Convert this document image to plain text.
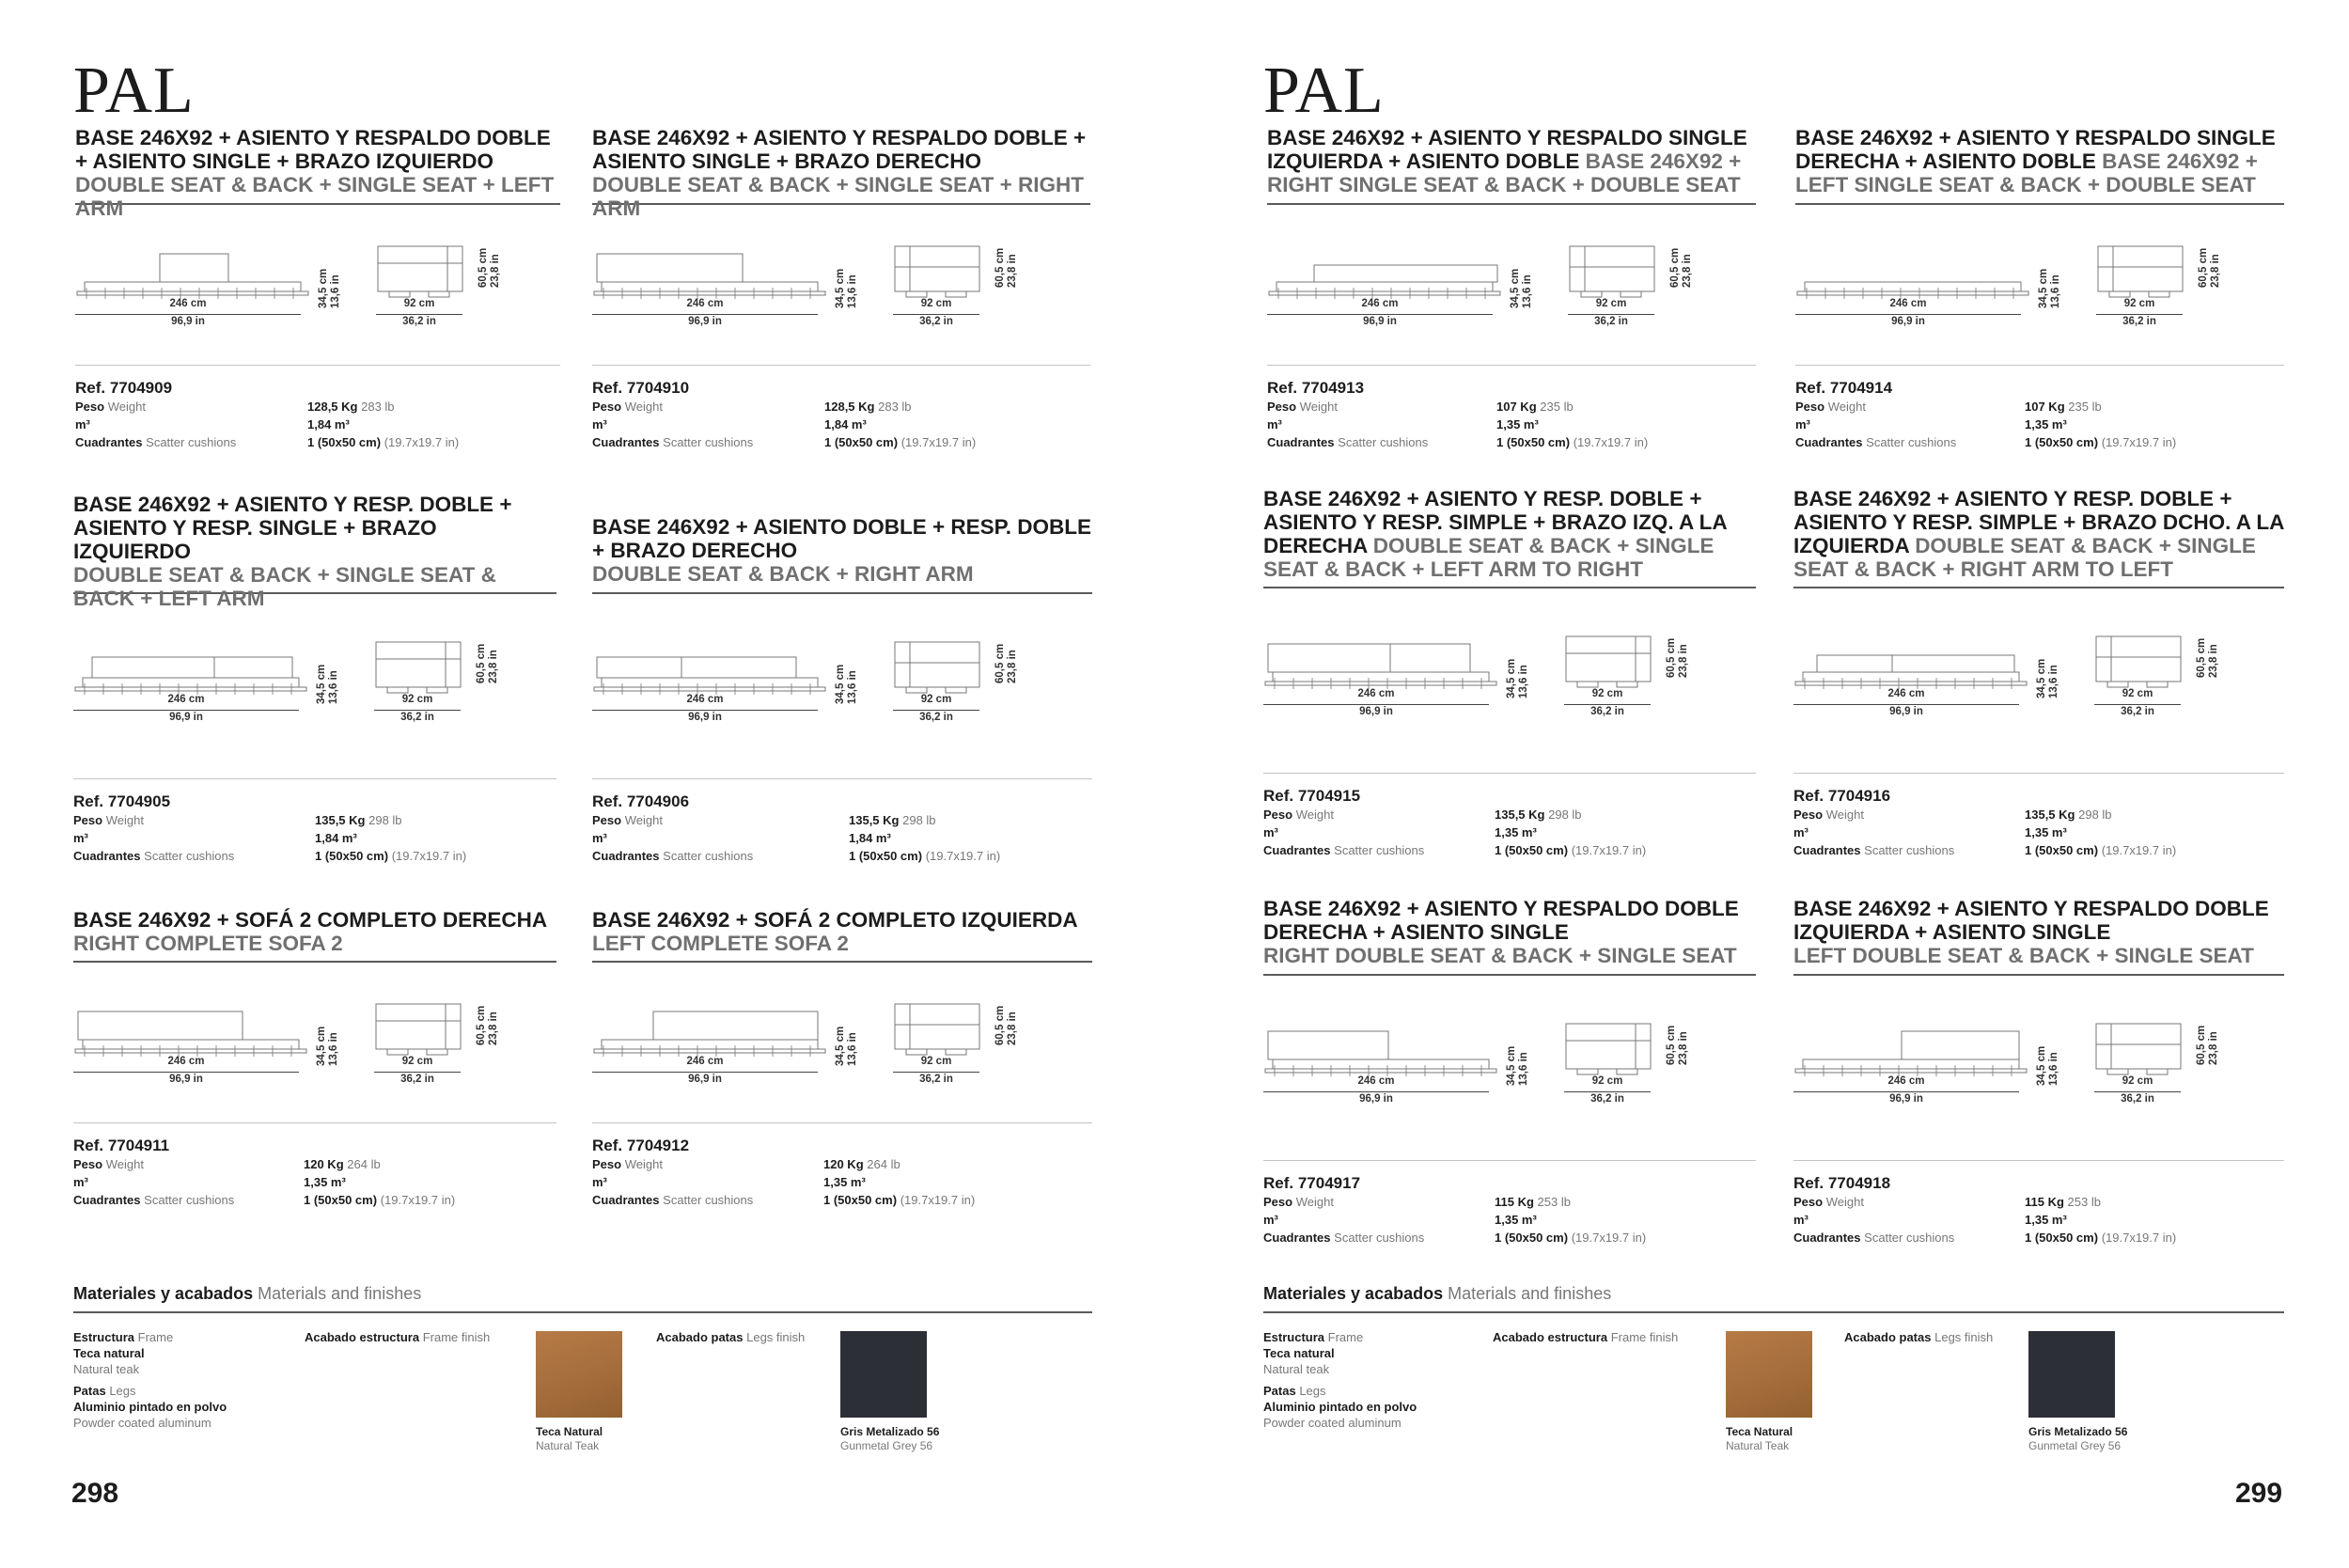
PAL
BASE 246X92 + ASIENTO Y RESPALDO DOBLE + ASIENTO SINGLE + BRAZO IZQUIERDO
DOUBLE SEAT & BACK + SINGLE SEAT + LEFT ARM
246 cm
96,9 in
34,5 cm
13,6 in	92 cm
36,2 in
60,5 cm
23,8 in
Ref. 7704909
Peso Weight	128,5 Kg 283 lb
m³	1,84 m³
Cuadrantes Scatter cushions	1 (50x50 cm) (19.7x19.7 in)
BASE 246X92 + ASIENTO Y RESPALDO DOBLE + ASIENTO SINGLE + BRAZO DERECHO
DOUBLE SEAT & BACK + SINGLE SEAT + RIGHT ARM
246 cm
96,9 in
34,5 cm
13,6 in	92 cm
36,2 in
60,5 cm
23,8 in
Ref. 7704910
Peso Weight	128,5 Kg 283 lb
m³	1,84 m³
Cuadrantes Scatter cushions	1 (50x50 cm) (19.7x19.7 in)
BASE 246X92 + ASIENTO Y RESP. DOBLE + ASIENTO Y RESP. SINGLE + BRAZO IZQUIERDO
DOUBLE SEAT & BACK + SINGLE SEAT & BACK + LEFT ARM
246 cm
96,9 in
34,5 cm
13,6 in	92 cm
36,2 in
60,5 cm
23,8 in
Ref. 7704905
Peso Weight	135,5 Kg 298 lb
m³	1,84 m³
Cuadrantes Scatter cushions	1 (50x50 cm) (19.7x19.7 in)
BASE 246X92 + ASIENTO DOBLE + RESP. DOBLE + BRAZO DERECHO
DOUBLE SEAT & BACK + RIGHT ARM
246 cm
96,9 in
34,5 cm
13,6 in	92 cm
36,2 in
60,5 cm
23,8 in
Ref. 7704906
Peso Weight	135,5 Kg 298 lb
m³	1,84 m³
Cuadrantes Scatter cushions	1 (50x50 cm) (19.7x19.7 in)
BASE 246X92 + SOFÁ 2 COMPLETO DERECHA
RIGHT COMPLETE SOFA 2
246 cm
96,9 in
34,5 cm
13,6 in	92 cm
36,2 in
60,5 cm
23,8 in
Ref. 7704911
Peso Weight	120 Kg 264 lb
m³	1,35 m³
Cuadrantes Scatter cushions	1 (50x50 cm) (19.7x19.7 in)
BASE 246X92 + SOFÁ 2 COMPLETO IZQUIERDA
LEFT COMPLETE SOFA 2
246 cm
96,9 in
34,5 cm
13,6 in	92 cm
36,2 in
60,5 cm
23,8 in
Ref. 7704912
Peso Weight	120 Kg 264 lb
m³	1,35 m³
Cuadrantes Scatter cushions	1 (50x50 cm) (19.7x19.7 in)
Materiales y acabados Materials and finishes
Estructura Frame
Teca natural
Natural teak
Patas Legs
Aluminio pintado en polvo
Powder coated aluminum
Acabado estructura Frame finish
Teca Natural
Natural Teak
Acabado patas Legs finish
Gris Metalizado 56
Gunmetal Grey 56
298
PAL
BASE 246X92 + ASIENTO Y RESPALDO SINGLE IZQUIERDA + ASIENTO DOBLE BASE 246X92 + RIGHT SINGLE SEAT & BACK + DOUBLE SEAT
246 cm
96,9 in
34,5 cm
13,6 in	92 cm
36,2 in
60,5 cm
23,8 in
Ref. 7704913
Peso Weight	107 Kg 235 lb
m³	1,35 m³
Cuadrantes Scatter cushions	1 (50x50 cm) (19.7x19.7 in)
BASE 246X92 + ASIENTO Y RESPALDO SINGLE DERECHA + ASIENTO DOBLE BASE 246X92 + LEFT SINGLE SEAT & BACK + DOUBLE SEAT
246 cm
96,9 in
34,5 cm
13,6 in	92 cm
36,2 in
60,5 cm
23,8 in
Ref. 7704914
Peso Weight	107 Kg 235 lb
m³	1,35 m³
Cuadrantes Scatter cushions	1 (50x50 cm) (19.7x19.7 in)
BASE 246X92 + ASIENTO Y RESP. DOBLE + ASIENTO Y RESP. SIMPLE + BRAZO IZQ. A LA DERECHA DOUBLE SEAT & BACK + SINGLE SEAT & BACK + LEFT ARM TO RIGHT
246 cm
96,9 in
34,5 cm
13,6 in	92 cm
36,2 in
60,5 cm
23,8 in
Ref. 7704915
Peso Weight	135,5 Kg 298 lb
m³	1,35 m³
Cuadrantes Scatter cushions	1 (50x50 cm) (19.7x19.7 in)
BASE 246X92 + ASIENTO Y RESP. DOBLE + ASIENTO Y RESP. SIMPLE + BRAZO DCHO. A LA IZQUIERDA DOUBLE SEAT & BACK + SINGLE SEAT & BACK + RIGHT ARM TO LEFT
246 cm
96,9 in
34,5 cm
13,6 in	92 cm
36,2 in
60,5 cm
23,8 in
Ref. 7704916
Peso Weight	135,5 Kg 298 lb
m³	1,35 m³
Cuadrantes Scatter cushions	1 (50x50 cm) (19.7x19.7 in)
BASE 246X92 + ASIENTO Y RESPALDO DOBLE DERECHA + ASIENTO SINGLE
RIGHT DOUBLE SEAT & BACK + SINGLE SEAT
246 cm
96,9 in
34,5 cm
13,6 in	92 cm
36,2 in
60,5 cm
23,8 in
Ref. 7704917
Peso Weight	115 Kg 253 lb
m³	1,35 m³
Cuadrantes Scatter cushions	1 (50x50 cm) (19.7x19.7 in)
BASE 246X92 + ASIENTO Y RESPALDO DOBLE IZQUIERDA + ASIENTO SINGLE
LEFT DOUBLE SEAT & BACK + SINGLE SEAT
246 cm
96,9 in
34,5 cm
13,6 in	92 cm
36,2 in
60,5 cm
23,8 in
Ref. 7704918
Peso Weight	115 Kg 253 lb
m³	1,35 m³
Cuadrantes Scatter cushions	1 (50x50 cm) (19.7x19.7 in)
Materiales y acabados Materials and finishes
Estructura Frame
Teca natural
Natural teak
Patas Legs
Aluminio pintado en polvo
Powder coated aluminum
Acabado estructura Frame finish
Teca Natural
Natural Teak
Acabado patas Legs finish
Gris Metalizado 56
Gunmetal Grey 56
299
